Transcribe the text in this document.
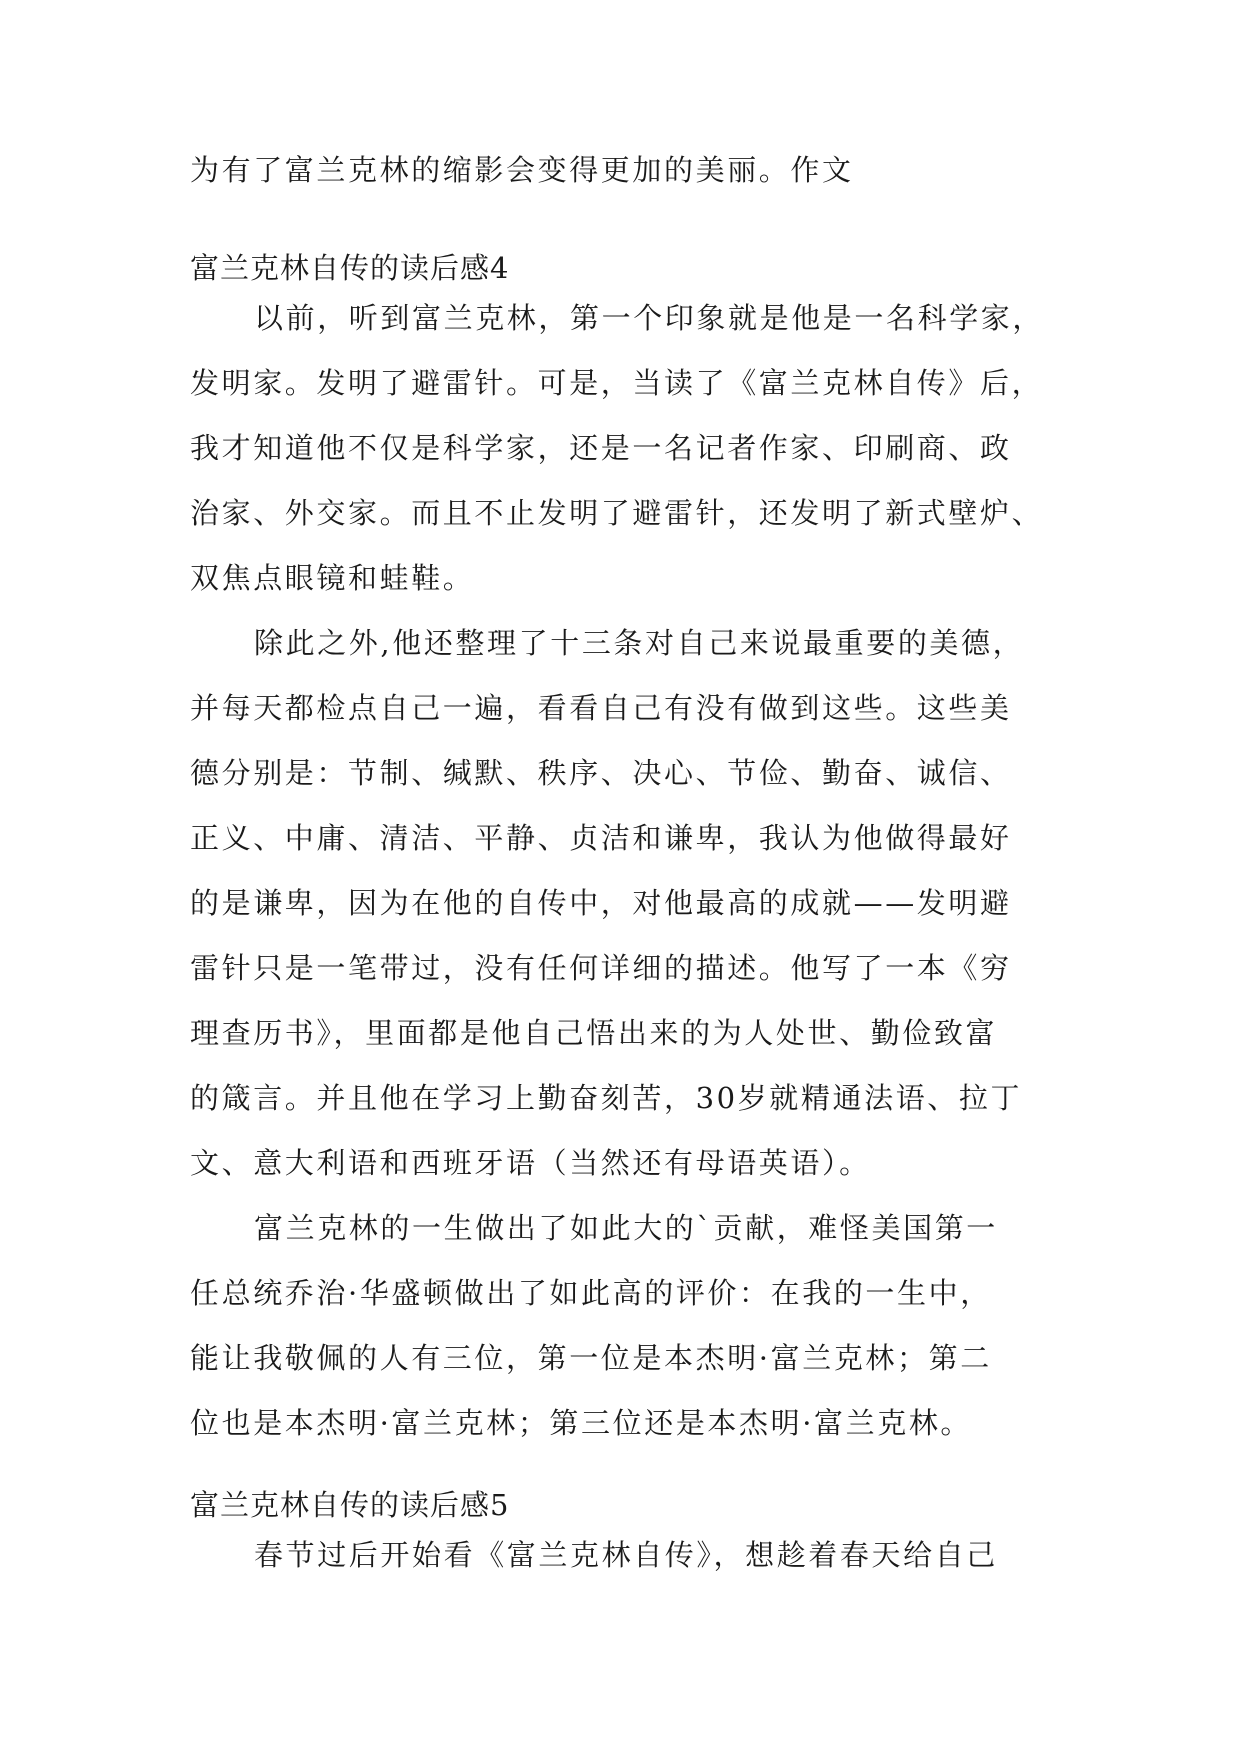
为有了富兰克林的缩影会变得更加的美丽。作文
富兰克林自传的读后感4
以前，听到富兰克林，第一个印象就是他是一名科学家，
发明家。发明了避雷针。可是，当读了《富兰克林自传》后，
我才知道他不仅是科学家，还是一名记者作家、印刷商、政
治家、外交家。而且不止发明了避雷针，还发明了新式壁炉、
双焦点眼镜和蛙鞋。
除此之外,他还整理了十三条对自己来说最重要的美德，
并每天都检点自己一遍，看看自己有没有做到这些。这些美
德分别是：节制、缄默、秩序、决心、节俭、勤奋、诚信、
正义、中庸、清洁、平静、贞洁和谦卑，我认为他做得最好
的是谦卑，因为在他的自传中，对他最高的成就——发明避
雷针只是一笔带过，没有任何详细的描述。他写了一本《穷
理查历书》，里面都是他自己悟出来的为人处世、勤俭致富
的箴言。并且他在学习上勤奋刻苦，30岁就精通法语、拉丁
文、意大利语和西班牙语（当然还有母语英语）。
富兰克林的一生做出了如此大的`贡献，难怪美国第一
任总统乔治·华盛顿做出了如此高的评价：在我的一生中，
能让我敬佩的人有三位，第一位是本杰明·富兰克林；第二
位也是本杰明·富兰克林；第三位还是本杰明·富兰克林。
富兰克林自传的读后感5
春节过后开始看《富兰克林自传》，想趁着春天给自己
